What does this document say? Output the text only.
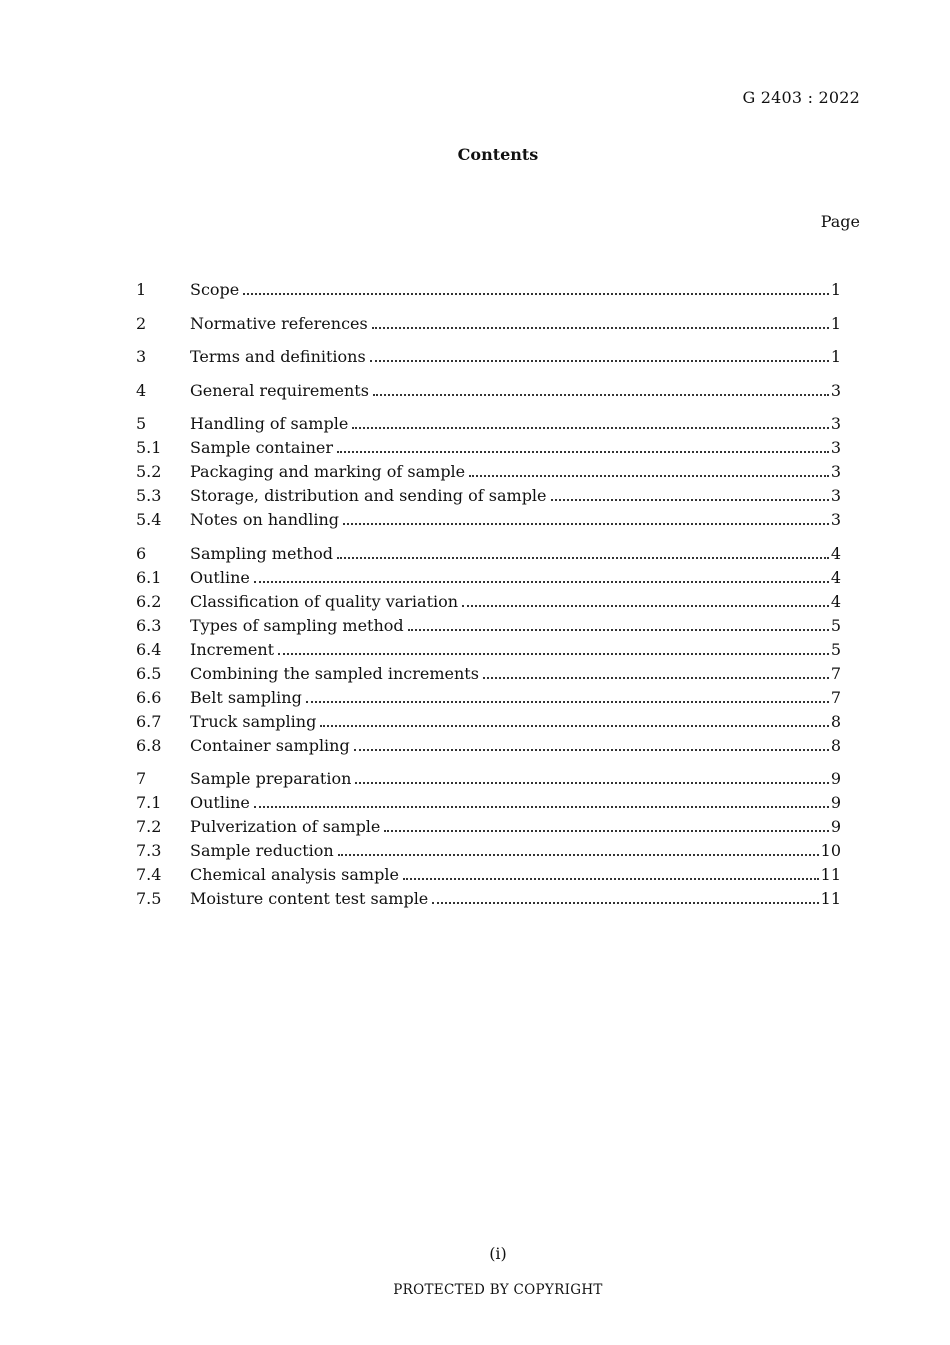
G 2403 : 2022
Contents
Page
1	Scope	1
2	Normative references	1
3	Terms and definitions	1
4	General requirements	3
5	Handling of sample	3
5.1	Sample container	3
5.2	Packaging and marking of sample	3
5.3	Storage, distribution and sending of sample	3
5.4	Notes on handling	3
6	Sampling method	4
6.1	Outline	4
6.2	Classification of quality variation	4
6.3	Types of sampling method	5
6.4	Increment	5
6.5	Combining the sampled increments	7
6.6	Belt sampling	7
6.7	Truck sampling	8
6.8	Container sampling	8
7	Sample preparation	9
7.1	Outline	9
7.2	Pulverization of sample	9
7.3	Sample reduction	10
7.4	Chemical analysis sample	11
7.5	Moisture content test sample	11
(i)
PROTECTED BY COPYRIGHT
